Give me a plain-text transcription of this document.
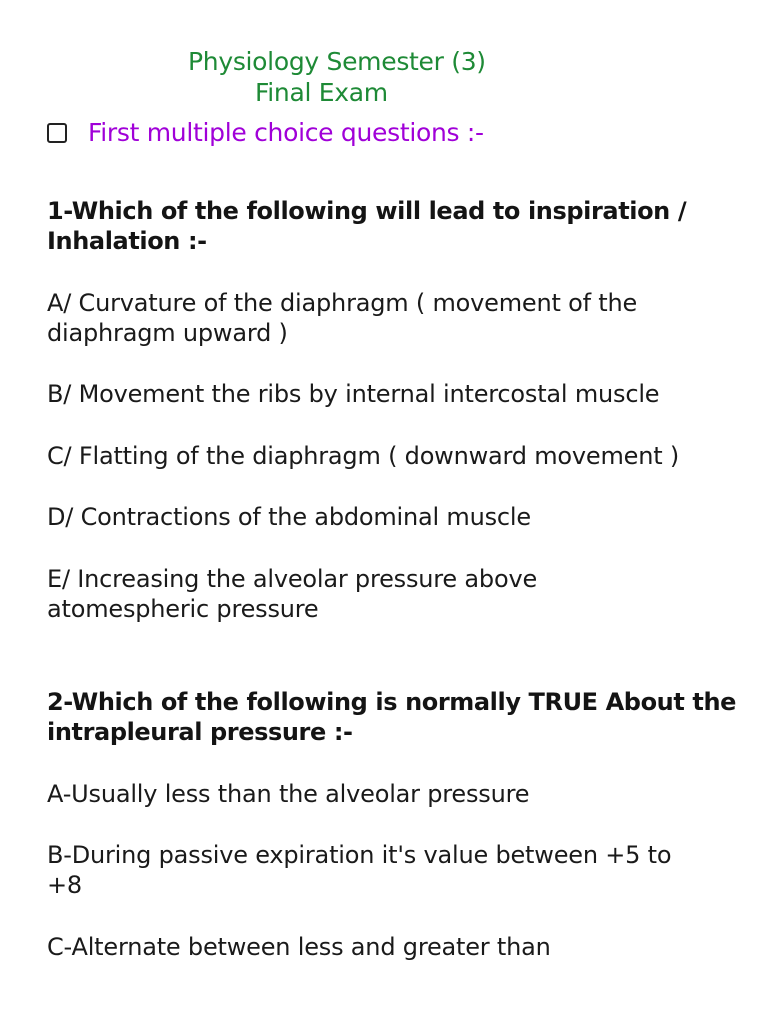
Physiology Semester (3)
Final Exam
First multiple choice questions :-
1-Which of the following will lead to inspiration /
Inhalation :-
A/ Curvature of the diaphragm ( movement of the
diaphragm upward )
B/ Movement the ribs by internal intercostal muscle
C/ Flatting of the diaphragm ( downward movement )
D/ Contractions of the abdominal muscle
E/ Increasing the alveolar pressure above
atomespheric pressure
2-Which of the following is normally TRUE About the
intrapleural pressure :-
A-Usually less than the alveolar pressure
B-During passive expiration it's value between +5 to
+8
C-Alternate between less and greater than
